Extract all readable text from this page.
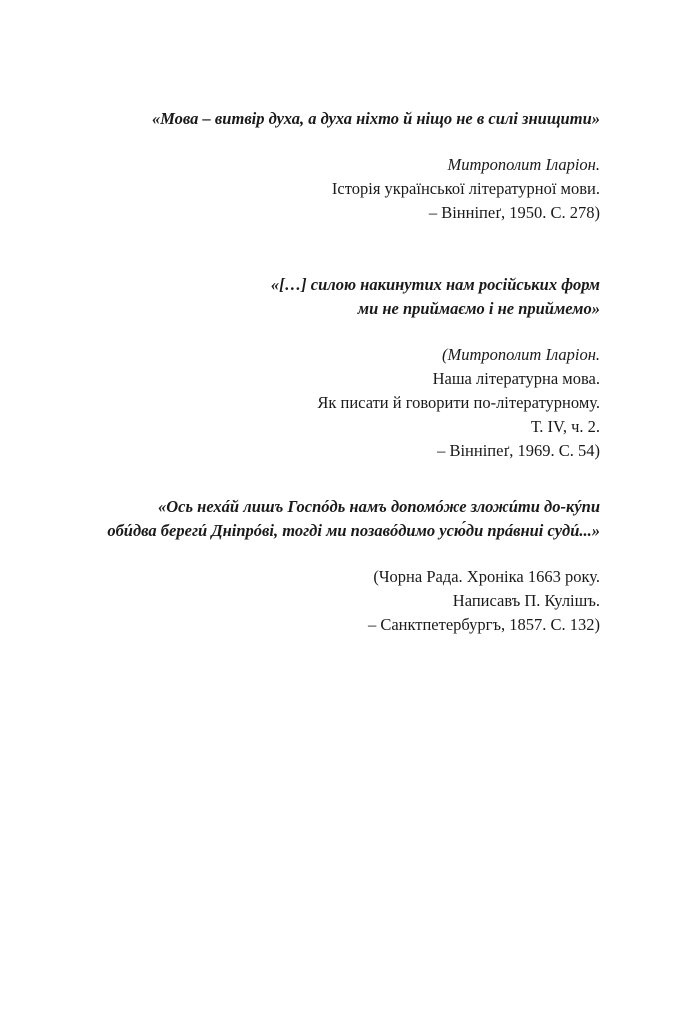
«Мова – витвір духа, а духа ніхто й ніщо не в силі знищити»
Митрополит Іларіон.
Історія української літературної мови.
– Вінніпеґ, 1950. С. 278)
«[…] силою накинутих нам російських форм
ми не приймаємо і не приймемо»
(Митрополит Іларіон.
Наша літературна мова.
Як писати й говорити по-літературному.
Т. IV, ч. 2.
– Вінніпеґ, 1969. С. 54)
«Ось нехáй лишъ Госпóдь намъ допомóже зложúти до-кýпи
обúдва берегú Дніпрóві, тогді ми позавóдимо усю́ди прáвниі судú...»
(Чорна Рада. Хроніка 1663 року.
Написавъ П. Кулішъ.
– Санктпетербургъ, 1857. С. 132)
